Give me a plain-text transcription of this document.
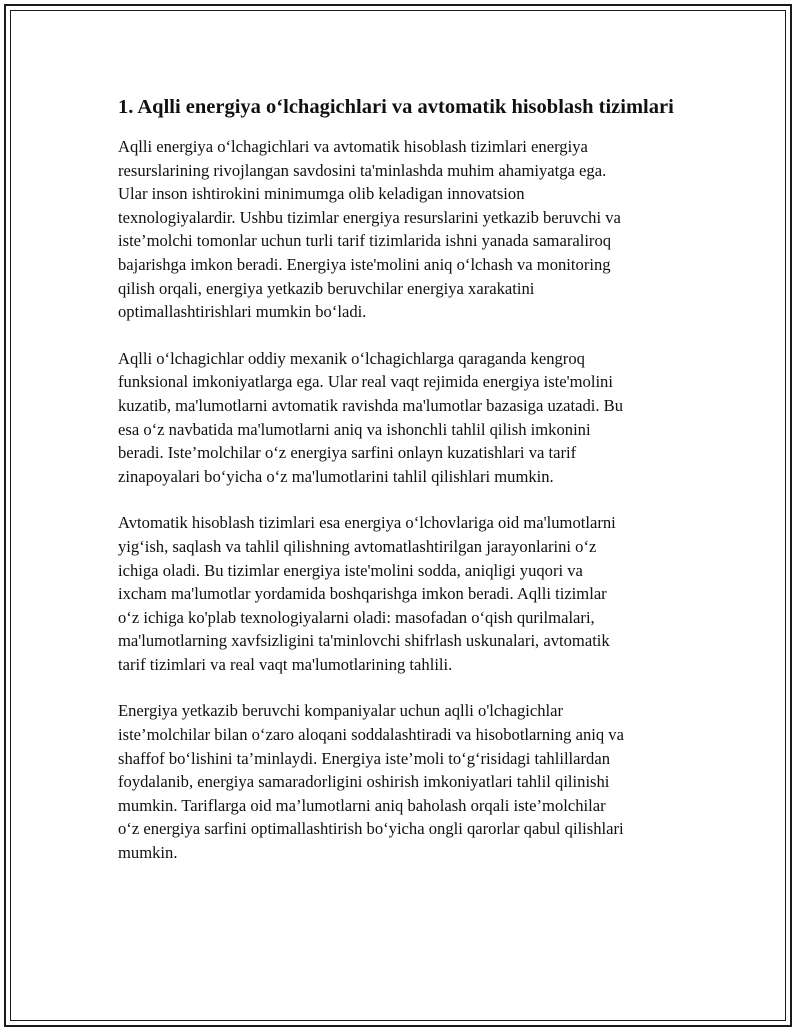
1. Aqlli energiya o‘lchagichlari va avtomatik hisoblash tizimlari

Aqlli energiya o‘lchagichlari va avtomatik hisoblash tizimlari energiya
resurslarining rivojlangan savdosini ta'minlashda muhim ahamiyatga ega.
Ular inson ishtirokini minimumga olib keladigan innovatsion
texnologiyalardir. Ushbu tizimlar energiya resurslarini yetkazib beruvchi va
iste’molchi tomonlar uchun turli tarif tizimlarida ishni yanada samaraliroq
bajarishga imkon beradi. Energiya iste'molini aniq o‘lchash va monitoring
qilish orqali, energiya yetkazib beruvchilar energiya xarakatini
optimallashtirishlari mumkin bo‘ladi.

Aqlli o‘lchagichlar oddiy mexanik o‘lchagichlarga qaraganda kengroq
funksional imkoniyatlarga ega. Ular real vaqt rejimida energiya iste'molini
kuzatib, ma'lumotlarni avtomatik ravishda ma'lumotlar bazasiga uzatadi. Bu
esa o‘z navbatida ma'lumotlarni aniq va ishonchli tahlil qilish imkonini
beradi. Iste’molchilar o‘z energiya sarfini onlayn kuzatishlari va tarif
zinapoyalari bo‘yicha o‘z ma'lumotlarini tahlil qilishlari mumkin.

Avtomatik hisoblash tizimlari esa energiya o‘lchovlariga oid ma'lumotlarni
yig‘ish, saqlash va tahlil qilishning avtomatlashtirilgan jarayonlarini o‘z
ichiga oladi. Bu tizimlar energiya iste'molini sodda, aniqligi yuqori va
ixcham ma'lumotlar yordamida boshqarishga imkon beradi. Aqlli tizimlar
o‘z ichiga ko'plab texnologiyalarni oladi: masofadan o‘qish qurilmalari,
ma'lumotlarning xavfsizligini ta'minlovchi shifrlash uskunalari, avtomatik
tarif tizimlari va real vaqt ma'lumotlarining tahlili.

Energiya yetkazib beruvchi kompaniyalar uchun aqlli o'lchagichlar
iste’molchilar bilan o‘zaro aloqani soddalashtiradi va hisobotlarning aniq va
shaffof bo‘lishini ta’minlaydi. Energiya iste’moli to‘g‘risidagi tahlillardan
foydalanib, energiya samaradorligini oshirish imkoniyatlari tahlil qilinishi
mumkin. Tariflarga oid ma’lumotlarni aniq baholash orqali iste’molchilar
o‘z energiya sarfini optimallashtirish bo‘yicha ongli qarorlar qabul qilishlari
mumkin.
